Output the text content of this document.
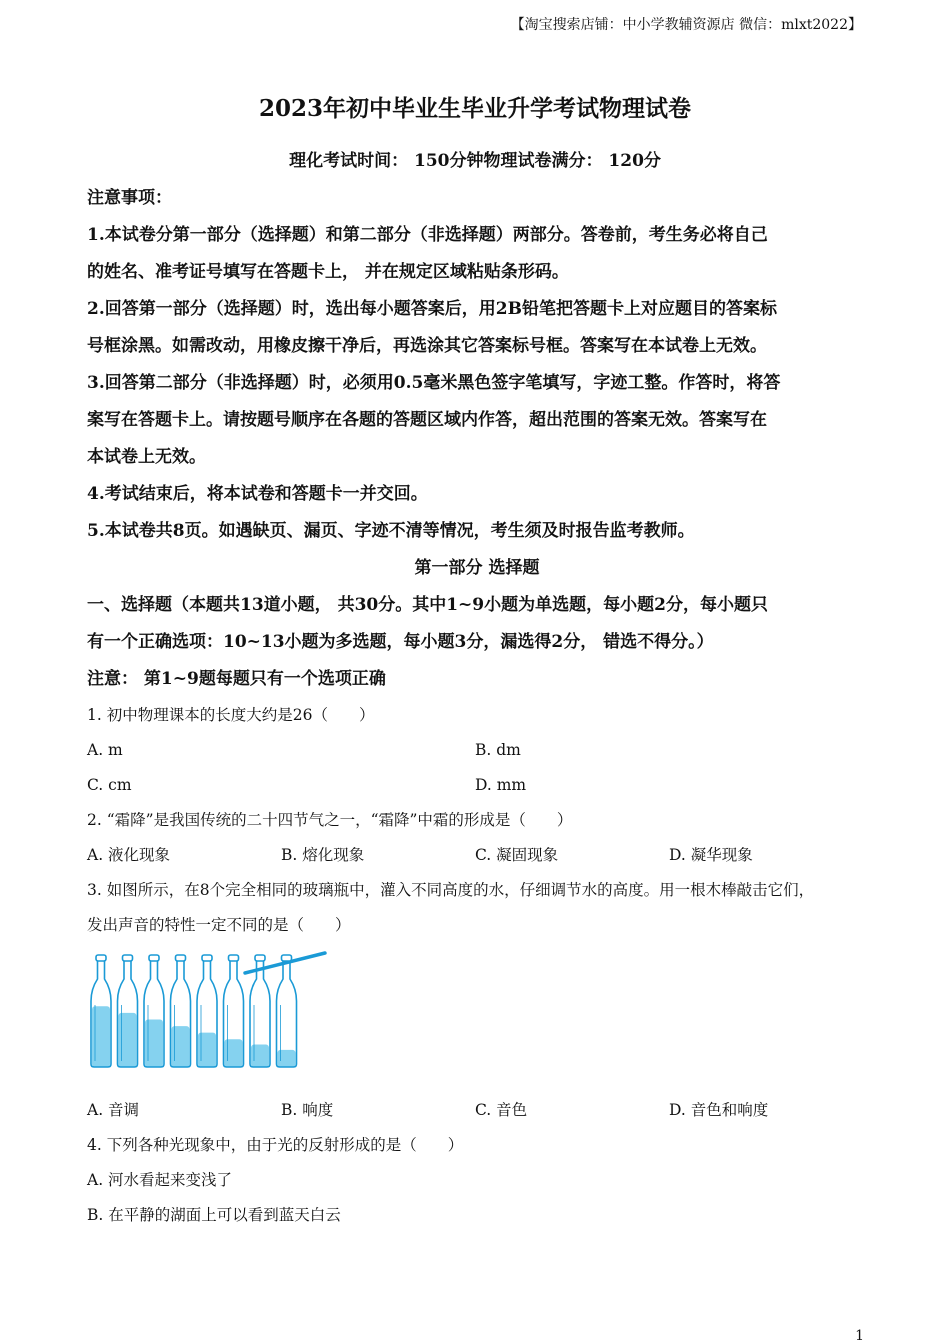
【淘宝搜索店铺：中小学教辅资源店 微信：mlxt2022】
2023年初中毕业生毕业升学考试物理试卷
理化考试时间： 150分钟物理试卷满分： 120分
注意事项：
1.本试卷分第一部分（选择题）和第二部分（非选择题）两部分。答卷前，考生务必将自己
的姓名、准考证号填写在答题卡上， 并在规定区域粘贴条形码。
2.回答第一部分（选择题）时，选出每小题答案后，用2B铅笔把答题卡上对应题目的答案标
号框涂黑。如需改动，用橡皮擦干净后，再选涂其它答案标号框。答案写在本试卷上无效。
3.回答第二部分（非选择题）时，必须用0.5毫米黑色签字笔填写，字迹工整。作答时，将答
案写在答题卡上。请按题号顺序在各题的答题区域内作答，超出范围的答案无效。答案写在
本试卷上无效。
4.考试结束后，将本试卷和答题卡一并交回。
5.本试卷共8页。如遇缺页、漏页、字迹不清等情况，考生须及时报告监考教师。
第一部分 选择题
一、选择题（本题共13道小题， 共30分。其中1~9小题为单选题，每小题2分，每小题只
有一个正确选项：10~13小题为多选题，每小题3分，漏选得2分， 错选不得分。）
注意： 第1~9题每题只有一个选项正确
1. 初中物理课本的长度大约是26（　　）
A. m	B. dm
C. cm	D. mm
2. “霜降”是我国传统的二十四节气之一，“霜降”中霜的形成是（　　）
A. 液化现象	B. 熔化现象	C. 凝固现象	D. 凝华现象
3. 如图所示，在8个完全相同的玻璃瓶中，灌入不同高度的水，仔细调节水的高度。用一根木棒敲击它们，
发出声音的特性一定不同的是（　　）
A. 音调	B. 响度	C. 音色	D. 音色和响度
4. 下列各种光现象中，由于光的反射形成的是（　　）
A. 河水看起来变浅了
B. 在平静的湖面上可以看到蓝天白云
1
